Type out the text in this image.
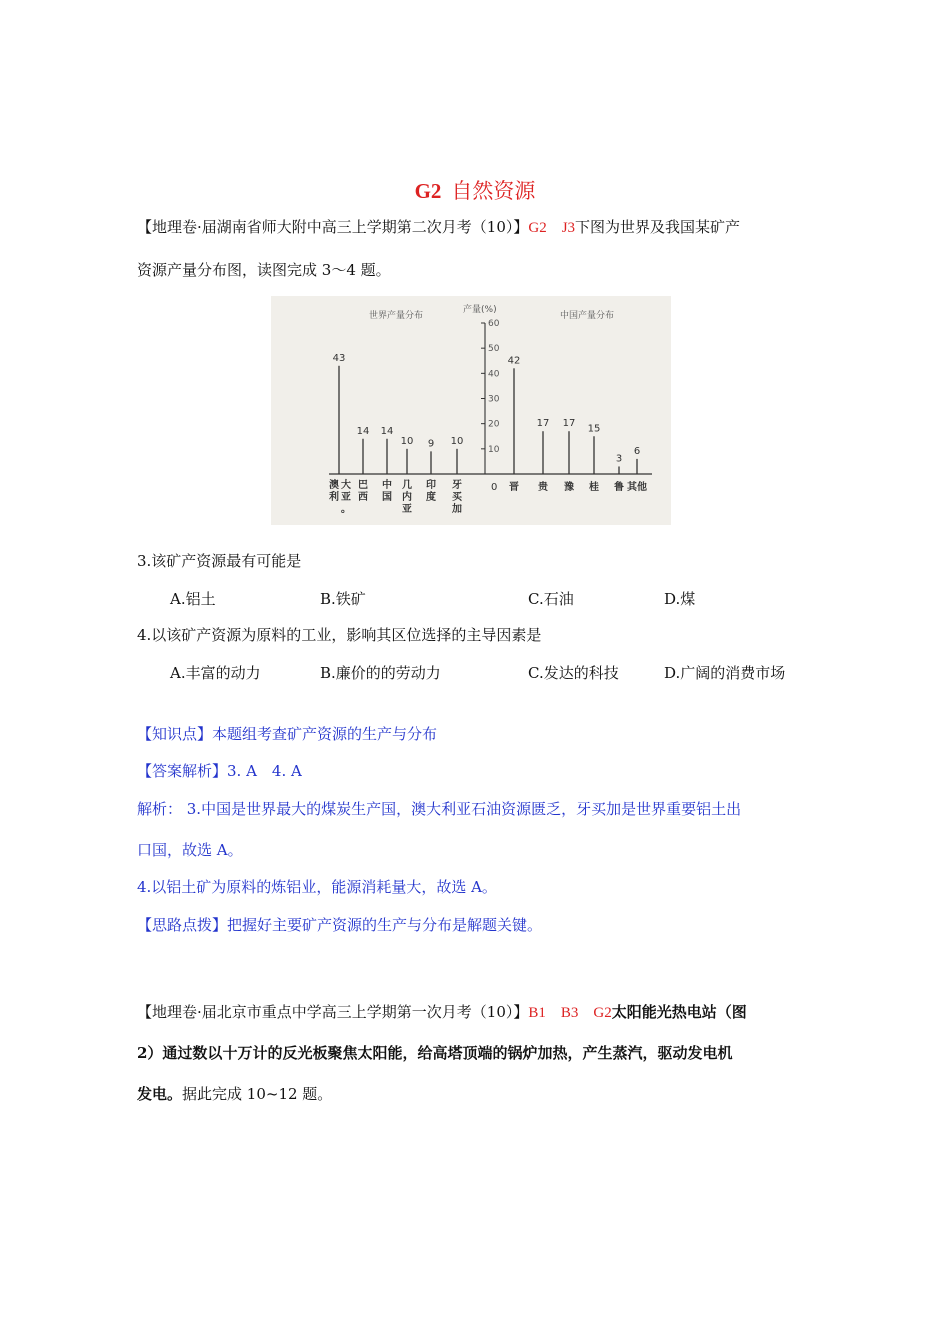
G2 自然资源
【地理卷·届湖南省师大附中高三上学期第二次月考（10）】G2　J3下图为世界及我国某矿产
资源产量分布图，读图完成 3～4 题。
产量(%)
60
50
40
30
20
10
0
世界产量分布	中国产量分布
43
14 14
10 9 10
澳
利
大
亚
。
巴
西
中
国
几
内
亚
印
度
牙
买
加
42
晋
17
贵
17
豫
15
桂
3
鲁
6
其他
3.该矿产资源最有可能是
A.铝土	B.铁矿	C.石油	D.煤
4.以该矿产资源为原料的工业，影响其区位选择的主导因素是
A.丰富的动力	B.廉价的的劳动力	C.发达的科技	D.广阔的消费市场
【知识点】本题组考查矿产资源的生产与分布
【答案解析】3. A　4. A
解析： 3.中国是世界最大的煤炭生产国，澳大利亚石油资源匮乏，牙买加是世界重要铝土出
口国，故选 A。
4.以铝土矿为原料的炼铝业，能源消耗量大，故选 A。
【思路点拨】把握好主要矿产资源的生产与分布是解题关键。
【地理卷·届北京市重点中学高三上学期第一次月考（10）】B1　B3　G2太阳能光热电站（图
2）通过数以十万计的反光板聚焦太阳能，给高塔顶端的锅炉加热，产生蒸汽，驱动发电机
发电。据此完成 10~12 题。
